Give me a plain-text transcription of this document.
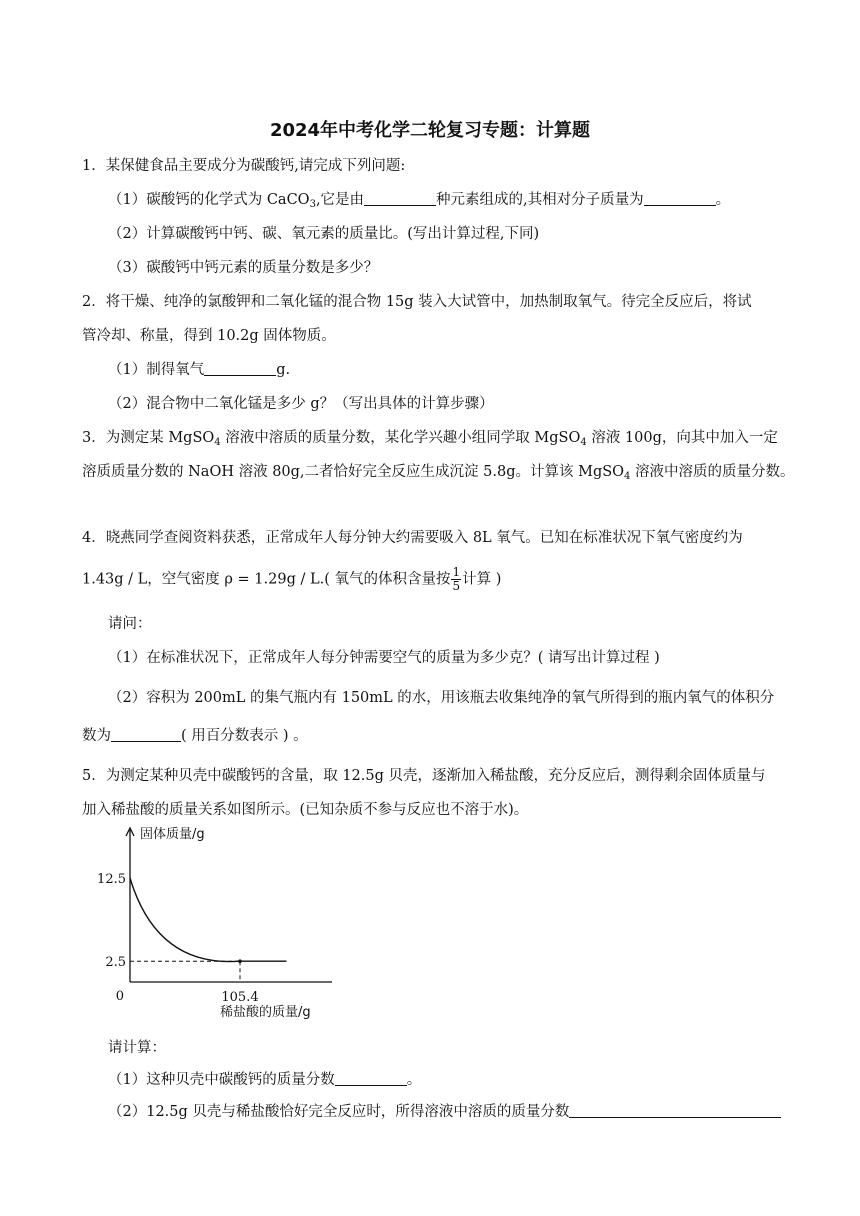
2024年中考化学二轮复习专题：计算题
1．某保健食品主要成分为碳酸钙,请完成下列问题:
（1）碳酸钙的化学式为 CaCO$_3$,它是由	种元素组成的,其相对分子质量为	。
（2）计算碳酸钙中钙、碳、氧元素的质量比。(写出计算过程,下同)
（3）碳酸钙中钙元素的质量分数是多少？
2．将干燥、纯净的氯酸钾和二氧化锰的混合物 15g 装入大试管中，加热制取氧气。待完全反应后，将试
管冷却、称量，得到 10.2g 固体物质。
（1）制得氧气	g.
（2）混合物中二氧化锰是多少 g？（写出具体的计算步骤）
3．为测定某 MgSO$_4$ 溶液中溶质的质量分数，某化学兴趣小组同学取 MgSO$_4$ 溶液 100g，向其中加入一定
溶质质量分数的 NaOH 溶液 80g,二者恰好完全反应生成沉淀 5.8g。计算该 MgSO$_4$ 溶液中溶质的质量分数。
4．晓燕同学查阅资料获悉，正常成年人每分钟大约需要吸入 8L 氧气。已知在标准状况下氧气密度约为
1.43g / L，空气密度 ρ = 1.29g / L.( 氧气的体积含量按 $\frac{1}{5}$ 计算 )
请问：
（1）在标准状况下，正常成年人每分钟需要空气的质量为多少克？( 请写出计算过程 )
（2）容积为 200mL 的集气瓶内有 150mL 的水，用该瓶去收集纯净的氧气所得到的瓶内氧气的体积分
数为	( 用百分数表示 ) 。
5．为测定某种贝壳中碳酸钙的含量，取 12.5g 贝壳，逐渐加入稀盐酸，充分反应后，测得剩余固体质量与
加入稀盐酸的质量关系如图所示。(已知杂质不参与反应也不溶于水)。
固体质量/g
稀盐酸的质量/g
0
12.5
2.5
105.4
请计算：
（1）这种贝壳中碳酸钙的质量分数	。
（2）12.5g 贝壳与稀盐酸恰好完全反应时，所得溶液中溶质的质量分数
